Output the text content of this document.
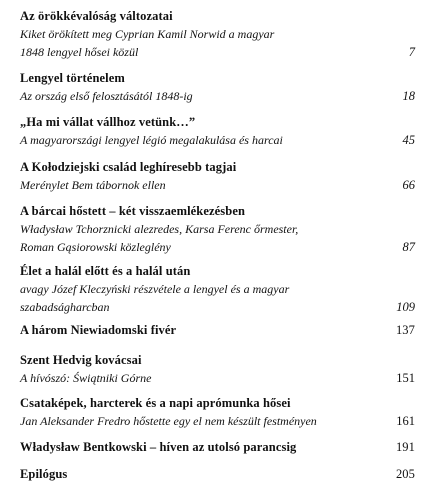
Az örökkévalóság változatai
Kiket örökített meg Cyprian Kamil Norwid a magyar
1848 lengyel hősei közül	7
Lengyel történelem
Az ország első felosztásától 1848-ig	18
„Ha mi vállat vállhoz vetünk…”
A magyarországi lengyel légió megalakulása és harcai	45
A Kołodziejski család leghíresebb tagjai
Merénylet Bem tábornok ellen	66
A bárcai hőstett – két visszaemlékezésben
Władysław Tchorznicki alezredes, Karsa Ferenc őrmester,
Roman Gąsiorowski közleglény	87
Élet a halál előtt és a halál után
avagy Józef Kleczyński részvétele a lengyel és a magyar
szabadságharcban	109
A három Niewiadomski fivér	137
Szent Hedvig kovácsai
A hívószó: Świątniki Górne	151
Csataképek, harcterek és a napi aprómunka hősei
Jan Aleksander Fredro hőstette egy el nem készült festményen	161
Władysław Bentkowski – híven az utolsó parancsig	191
Epilógus	205
